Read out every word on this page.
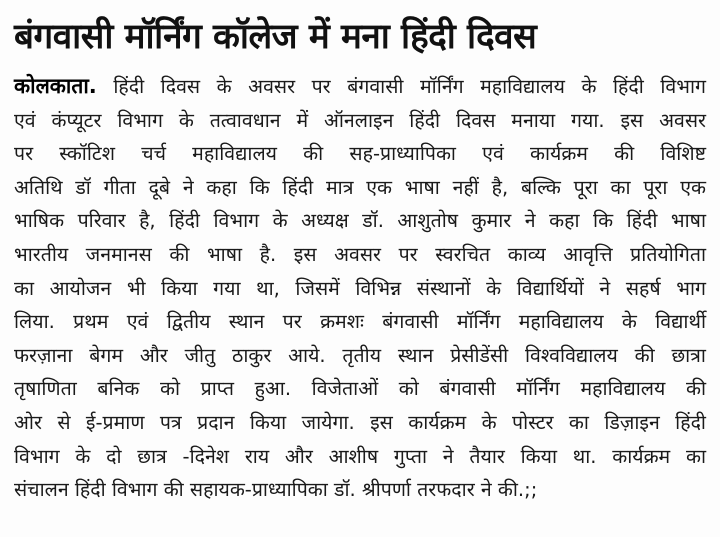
बंगवासी मॉर्निंग कॉलेज में मना हिंदी दिवस
कोलकाता. हिंदी दिवस के अवसर पर बंगवासी मॉर्निंग महाविद्यालय के हिंदी विभाग
एवं कंप्यूटर विभाग के तत्वावधान में ऑनलाइन हिंदी दिवस मनाया गया. इस अवसर
पर स्कॉटिश चर्च महाविद्यालय की सह-प्राध्यापिका एवं कार्यक्रम की विशिष्ट
अतिथि डॉ गीता दूबे ने कहा कि हिंदी मात्र एक भाषा नहीं है, बल्कि पूरा का पूरा एक
भाषिक परिवार है, हिंदी विभाग के अध्यक्ष डॉ. आशुतोष कुमार ने कहा कि हिंदी भाषा
भारतीय जनमानस की भाषा है. इस अवसर पर स्वरचित काव्य आवृत्ति प्रतियोगिता
का आयोजन भी किया गया था, जिसमें विभिन्न संस्थानों के विद्यार्थियों ने सहर्ष भाग
लिया. प्रथम एवं द्वितीय स्थान पर क्रमशः बंगवासी मॉर्निंग महाविद्यालय के विद्यार्थी
फरज़ाना बेगम और जीतु ठाकुर आये. तृतीय स्थान प्रेसीडेंसी विश्वविद्यालय की छात्रा
तृषाणिता बनिक को प्राप्त हुआ. विजेताओं को बंगवासी मॉर्निंग महाविद्यालय की
ओर से ई-प्रमाण पत्र प्रदान किया जायेगा. इस कार्यक्रम के पोस्टर का डिज़ाइन हिंदी
विभाग के दो छात्र -दिनेश राय और आशीष गुप्ता ने तैयार किया था. कार्यक्रम का
संचालन हिंदी विभाग की सहायक-प्राध्यापिका डॉ. श्रीपर्णा तरफदार ने की.;;
